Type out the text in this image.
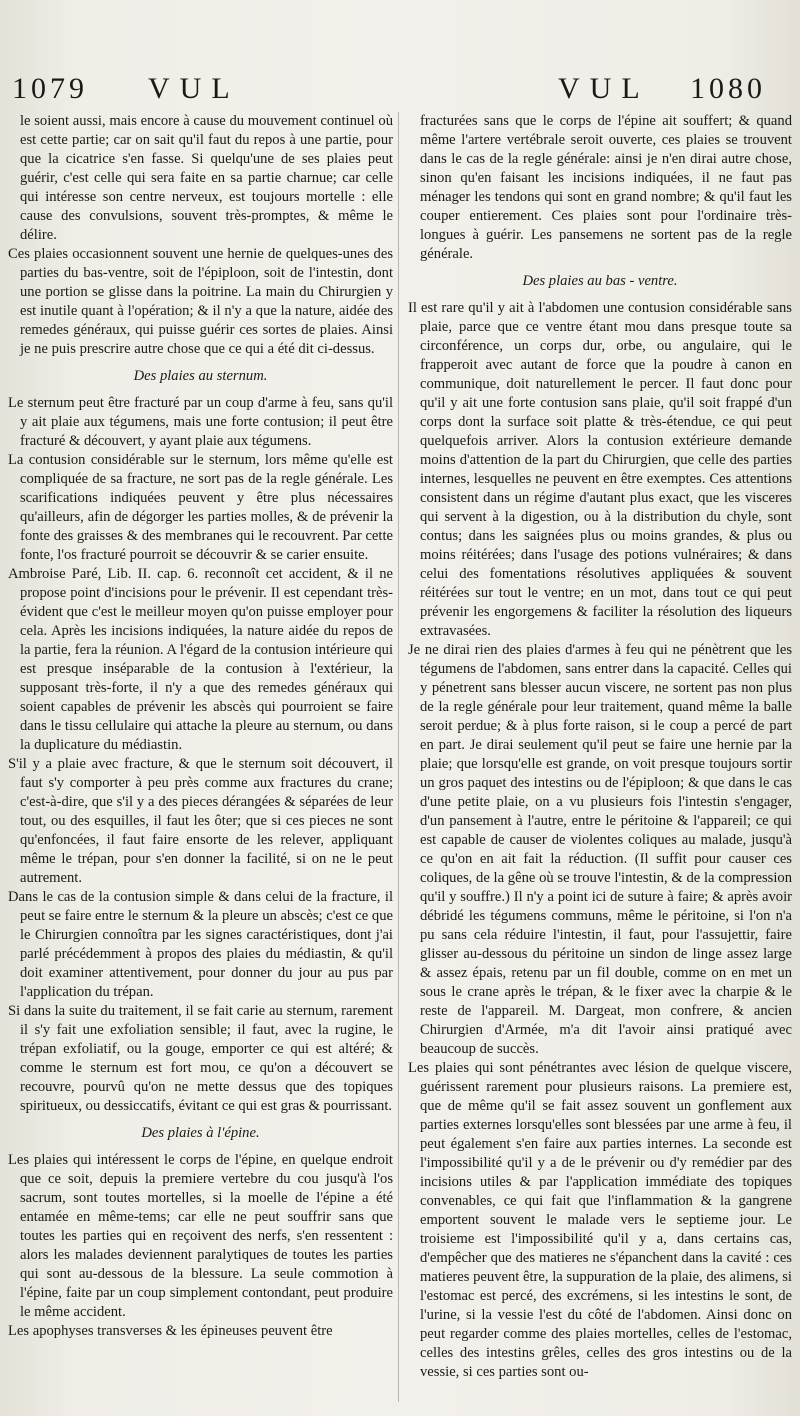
1079 VUL	VUL 1080

le soient aussi, mais encore à cause du mouvement continuel où est cette partie; car on sait qu'il faut du repos à une partie, pour que la cicatrice s'en fasse. Si quelqu'une de ses plaies peut guérir, c'est celle qui sera faite en sa partie charnue; car celle qui intéresse son centre nerveux, est toujours mortelle : elle cause des convulsions, souvent très-promptes, & même le délire.

Ces plaies occasionnent souvent une hernie de quelques-unes des parties du bas-ventre, soit de l'épiploon, soit de l'intestin, dont une portion se glisse dans la poitrine. La main du Chirurgien y est inutile quant à l'opération; & il n'y a que la nature, aidée des remedes généraux, qui puisse guérir ces sortes de plaies. Ainsi je ne puis prescrire autre chose que ce qui a été dit ci-dessus.

Des plaies au sternum.

Le sternum peut être fracturé par un coup d'arme à feu, sans qu'il y ait plaie aux tégumens, mais une forte contusion; il peut être fracturé & découvert, y ayant plaie aux tégumens.

La contusion considérable sur le sternum, lors même qu'elle est compliquée de sa fracture, ne sort pas de la regle générale. Les scarifications indiquées peuvent y être plus nécessaires qu'ailleurs, afin de dégorger les parties molles, & de prévenir la fonte des graisses & des membranes qui le recouvrent. Par cette fonte, l'os fracturé pourroit se découvrir & se carier ensuite.

Ambroise Paré, Lib. II. cap. 6. reconnoît cet accident, & il ne propose point d'incisions pour le prévenir. Il est cependant très-évident que c'est le meilleur moyen qu'on puisse employer pour cela. Après les incisions indiquées, la nature aidée du repos de la partie, fera la réunion. A l'égard de la contusion intérieure qui est presque inséparable de la contusion à l'extérieur, la supposant très-forte, il n'y a que des remedes généraux qui soient capables de prévenir les abscès qui pourroient se faire dans le tissu cellulaire qui attache la pleure au sternum, ou dans la duplicature du médiastin.

S'il y a plaie avec fracture, & que le sternum soit découvert, il faut s'y comporter à peu près comme aux fractures du crane; c'est-à-dire, que s'il y a des pieces dérangées & séparées de leur tout, ou des esquilles, il faut les ôter; que si ces pieces ne sont qu'enfoncées, il faut faire ensorte de les relever, appliquant même le trépan, pour s'en donner la facilité, si on ne le peut autrement.

Dans le cas de la contusion simple & dans celui de la fracture, il peut se faire entre le sternum & la pleure un abscès; c'est ce que le Chirurgien connoîtra par les signes caractéristiques, dont j'ai parlé précédemment à propos des plaies du médiastin, & qu'il doit examiner attentivement, pour donner du jour au pus par l'application du trépan.

Si dans la suite du traitement, il se fait carie au sternum, rarement il s'y fait une exfoliation sensible; il faut, avec la rugine, le trépan exfoliatif, ou la gouge, emporter ce qui est altéré; & comme le sternum est fort mou, ce qu'on a découvert se recouvre, pourvû qu'on ne mette dessus que des topiques spiritueux, ou dessiccatifs, évitant ce qui est gras & pourrissant.

Des plaies à l'épine.

Les plaies qui intéressent le corps de l'épine, en quelque endroit que ce soit, depuis la premiere vertebre du cou jusqu'à l'os sacrum, sont toutes mortelles, si la moelle de l'épine a été entamée en même-tems; car elle ne peut souffrir sans que toutes les parties qui en reçoivent des nerfs, s'en ressentent : alors les malades deviennent paralytiques de toutes les parties qui sont au-dessous de la blessure. La seule commotion à l'épine, faite par un coup simplement contondant, peut produire le même accident.

Les apophyses transverses & les épineuses peuvent être

fracturées sans que le corps de l'épine ait souffert; & quand même l'artere vertébrale seroit ouverte, ces plaies se trouvent dans le cas de la regle générale: ainsi je n'en dirai autre chose, sinon qu'en faisant les incisions indiquées, il ne faut pas ménager les tendons qui sont en grand nombre; & qu'il faut les couper entierement. Ces plaies sont pour l'ordinaire très-longues à guérir. Les pansemens ne sortent pas de la regle générale.

Des plaies au bas - ventre.

Il est rare qu'il y ait à l'abdomen une contusion considérable sans plaie, parce que ce ventre étant mou dans presque toute sa circonférence, un corps dur, orbe, ou angulaire, qui le frapperoit avec autant de force que la poudre à canon en communique, doit naturellement le percer. Il faut donc pour qu'il y ait une forte contusion sans plaie, qu'il soit frappé d'un corps dont la surface soit platte & très-étendue, ce qui peut quelquefois arriver. Alors la contusion extérieure demande moins d'attention de la part du Chirurgien, que celle des parties internes, lesquelles ne peuvent en être exemptes. Ces attentions consistent dans un régime d'autant plus exact, que les visceres qui servent à la digestion, ou à la distribution du chyle, sont contus; dans les saignées plus ou moins grandes, & plus ou moins réitérées; dans l'usage des potions vulnéraires; & dans celui des fomentations résolutives appliquées & souvent réitérées sur tout le ventre; en un mot, dans tout ce qui peut prévenir les engorgemens & faciliter la résolution des liqueurs extravasées.

Je ne dirai rien des plaies d'armes à feu qui ne pénètrent que les tégumens de l'abdomen, sans entrer dans la capacité. Celles qui y pénetrent sans blesser aucun viscere, ne sortent pas non plus de la regle générale pour leur traitement, quand même la balle seroit perdue; & à plus forte raison, si le coup a percé de part en part. Je dirai seulement qu'il peut se faire une hernie par la plaie; que lorsqu'elle est grande, on voit presque toujours sortir un gros paquet des intestins ou de l'épiploon; & que dans le cas d'une petite plaie, on a vu plusieurs fois l'intestin s'engager, d'un pansement à l'autre, entre le péritoine & l'appareil; ce qui est capable de causer de violentes coliques au malade, jusqu'à ce qu'on en ait fait la réduction. (Il suffit pour causer ces coliques, de la gêne où se trouve l'intestin, & de la compression qu'il y souffre.) Il n'y a point ici de suture à faire; & après avoir débridé les tégumens communs, même le péritoine, si l'on n'a pu sans cela réduire l'intestin, il faut, pour l'assujettir, faire glisser au-dessous du péritoine un sindon de linge assez large & assez épais, retenu par un fil double, comme on en met un sous le crane après le trépan, & le fixer avec la charpie & le reste de l'appareil. M. Dargeat, mon confrere, & ancien Chirurgien d'Armée, m'a dit l'avoir ainsi pratiqué avec beaucoup de succès.

Les plaies qui sont pénétrantes avec lésion de quelque viscere, guérissent rarement pour plusieurs raisons. La premiere est, que de même qu'il se fait assez souvent un gonflement aux parties externes lorsqu'elles sont blessées par une arme à feu, il peut également s'en faire aux parties internes. La seconde est l'impossibilité qu'il y a de le prévenir ou d'y remédier par des incisions utiles & par l'application immédiate des topiques convenables, ce qui fait que l'inflammation & la gangrene emportent souvent le malade vers le septieme jour. Le troisieme est l'impossibilité qu'il y a, dans certains cas, d'empêcher que des matieres ne s'épanchent dans la cavité : ces matieres peuvent être, la suppuration de la plaie, des alimens, si l'estomac est percé, des excrémens, si les intestins le sont, de l'urine, si la vessie l'est du côté de l'abdomen. Ainsi donc on peut regarder comme des plaies mortelles, celles de l'estomac, celles des intestins grêles, celles des gros intestins ou de la vessie, si ces parties sont ou-
